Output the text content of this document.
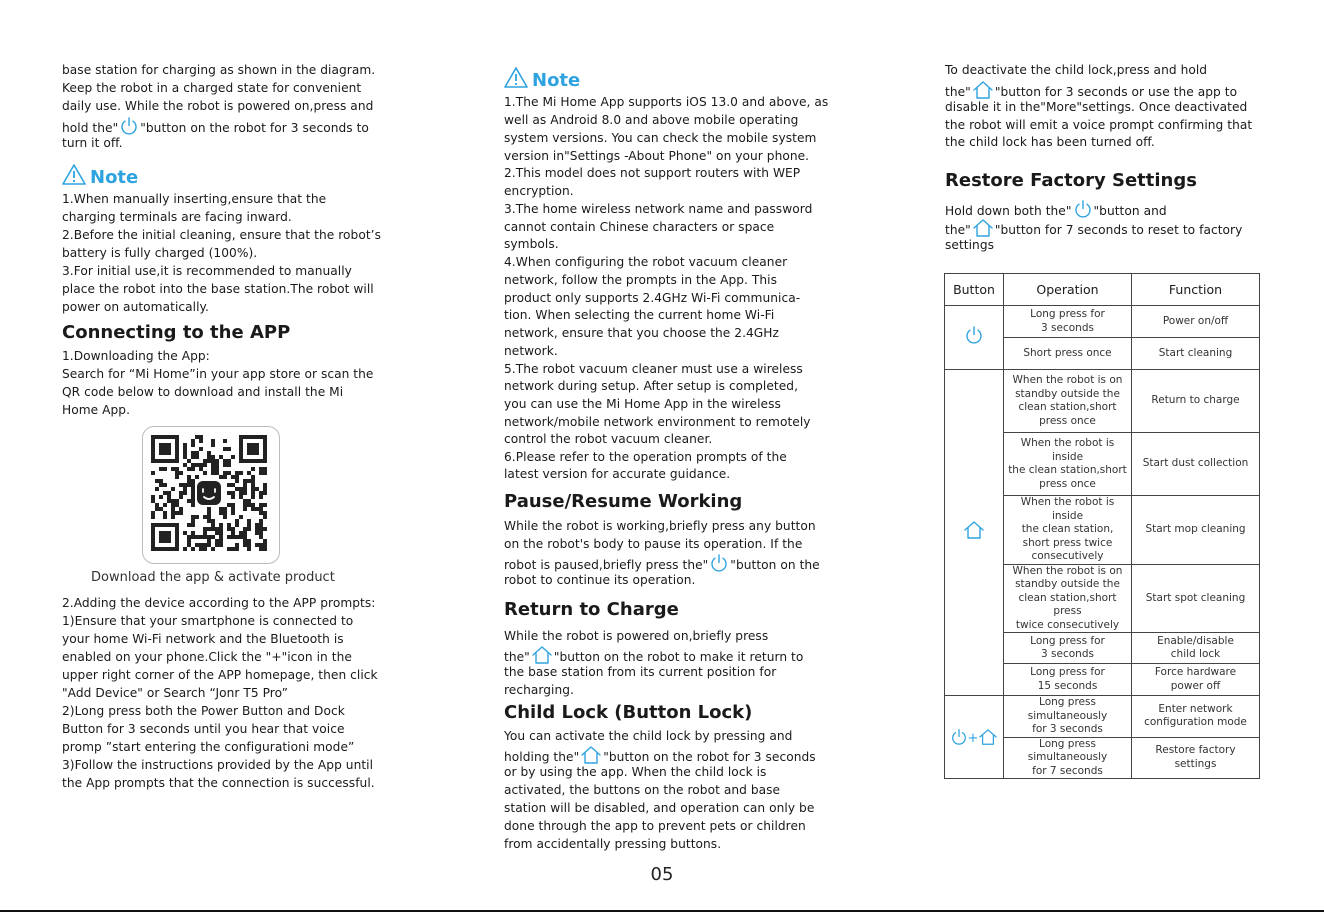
base station for charging as shown in the diagram.
Keep the robot in a charged state for convenient
daily use. While the robot is powered on,press and
hold the" "button on the robot for 3 seconds to
turn it off.
Note
1.When manually inserting,ensure that the
charging terminals are facing inward.
2.Before the initial cleaning, ensure that the robot’s
battery is fully charged (100%).
3.For initial use,it is recommended to manually
place the robot into the base station.The robot will
power on automatically.
Connecting to the APP
1.Downloading the App:
Search for “Mi Home”in your app store or scan the
QR code below to download and install the Mi
Home App.
Download the app & activate product
2.Adding the device according to the APP prompts:
1)Ensure that your smartphone is connected to
your home Wi-Fi network and the Bluetooth is
enabled on your phone.Click the "+"icon in the
upper right corner of the APP homepage, then click
"Add Device" or Search “Jonr T5 Pro”
2)Long press both the Power Button and Dock
Button for 3 seconds until you hear that voice
promp ”start entering the configurationi mode”
3)Follow the instructions provided by the App until
the App prompts that the connection is successful.
Note
1.The Mi Home App supports iOS 13.0 and above, as
well as Android 8.0 and above mobile operating
system versions. You can check the mobile system
version in"Settings -About Phone" on your phone.
2.This model does not support routers with WEP
encryption.
3.The home wireless network name and password
cannot contain Chinese characters or space
symbols.
4.When configuring the robot vacuum cleaner
network, follow the prompts in the App. This
product only supports 2.4GHz Wi-Fi communica-
tion. When selecting the current home Wi-Fi
network, ensure that you choose the 2.4GHz
network.
5.The robot vacuum cleaner must use a wireless
network during setup. After setup is completed,
you can use the Mi Home App in the wireless
network/mobile network environment to remotely
control the robot vacuum cleaner.
6.Please refer to the operation prompts of the
latest version for accurate guidance.
Pause/Resume Working
While the robot is working,briefly press any button
on the robot's body to pause its operation. If the
robot is paused,briefly press the" "button on the
robot to continue its operation.
Return to Charge
While the robot is powered on,briefly press
the" "button on the robot to make it return to
the base station from its current position for
recharging.
Child Lock (Button Lock)
You can activate the child lock by pressing and
holding the" "button on the robot for 3 seconds
or by using the app. When the child lock is
activated, the buttons on the robot and base
station will be disabled, and operation can only be
done through the app to prevent pets or children
from accidentally pressing buttons.
To deactivate the child lock,press and hold
the" "button for 3 seconds or use the app to
disable it in the"More"settings. Once deactivated
the robot will emit a voice prompt confirming that
the child lock has been turned off.
Restore Factory Settings
Hold down both the" "button and
the" "button for 7 seconds to reset to factory
settings
Button	Operation	Function
	Long press for
3 seconds	Power on/off
	Short press once	Start cleaning
	When the robot is on
standby outside the
clean station,short
press once	Return to charge
	When the robot is inside
the clean station,short
press once	Start dust collection
	When the robot is inside
the clean station,
short press twice
consecutively	Start mop cleaning
	When the robot is on
standby outside the
clean station,short press
twice consecutively	Start spot cleaning
	Long press for
3 seconds	Enable/disable
child lock
	Long press for
15 seconds	Force hardware
power off
+	Long press
simultaneously
for 3 seconds	Enter network
configuration mode
	Long press
simultaneously
for 7 seconds	Restore factory settings
05
